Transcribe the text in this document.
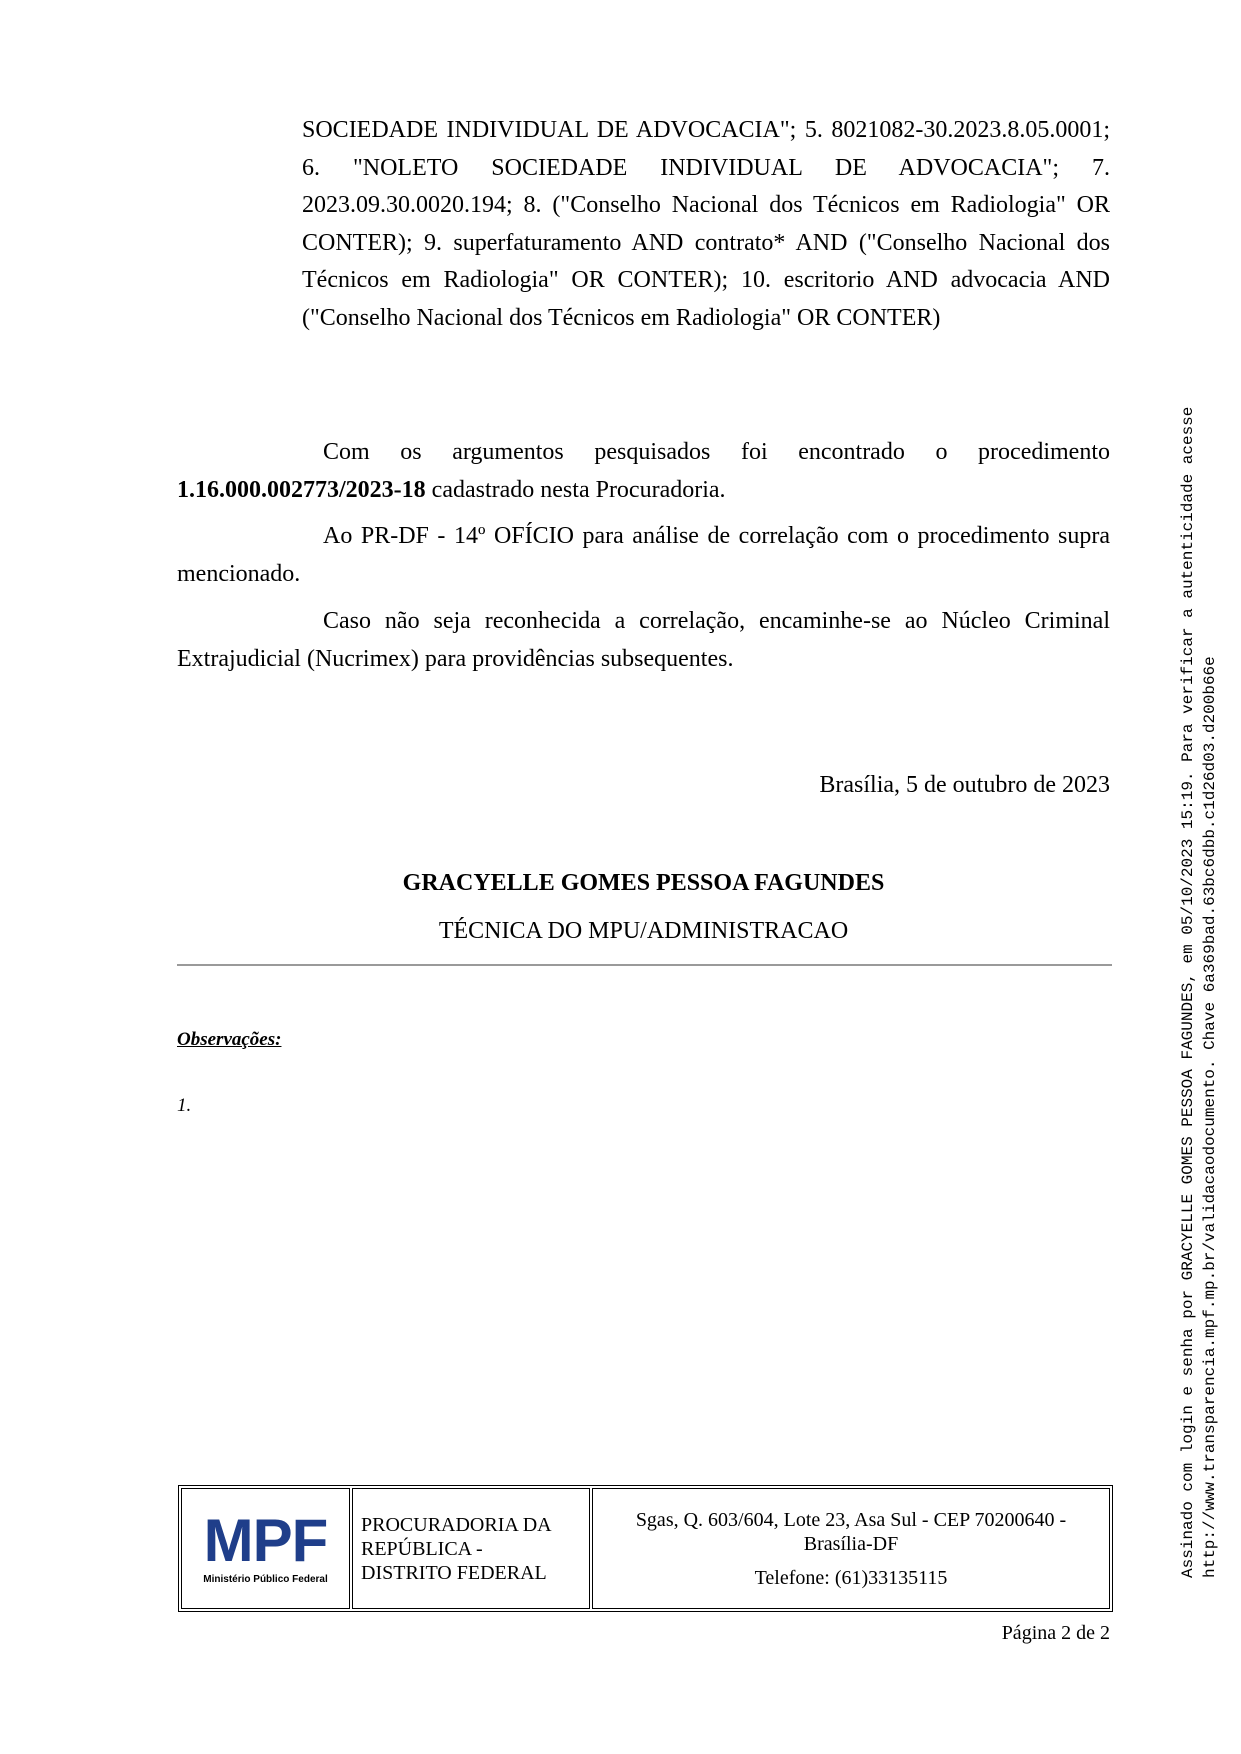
SOCIEDADE INDIVIDUAL DE ADVOCACIA"; 5. 8021082-30.2023.8.05.0001; 6. "NOLETO SOCIEDADE INDIVIDUAL DE ADVOCACIA"; 7. 2023.09.30.0020.194; 8. ("Conselho Nacional dos Técnicos em Radiologia" OR CONTER); 9. superfaturamento AND contrato* AND ("Conselho Nacional dos Técnicos em Radiologia" OR CONTER); 10. escritorio AND advocacia AND ("Conselho Nacional dos Técnicos em Radiologia" OR CONTER)

Com os argumentos pesquisados foi encontrado o procedimento 1.16.000.002773/2023-18 cadastrado nesta Procuradoria.
Ao PR-DF - 14º OFÍCIO para análise de correlação com o procedimento supra mencionado.
Caso não seja reconhecida a correlação, encaminhe-se ao Núcleo Criminal Extrajudicial (Nucrimex) para providências subsequentes.
Brasília, 5 de outubro de 2023
GRACYELLE GOMES PESSOA FAGUNDES
TÉCNICA DO MPU/ADMINISTRACAO
Observações:
1.
MPF
Ministério Público Federal

PROCURADORIA DA
REPÚBLICA -
DISTRITO FEDERAL

Sgas, Q. 603/604, Lote 23, Asa Sul - CEP 70200640 -
Brasília-DF
Telefone: (61)33135115
Página 2 de 2
Assinado com login e senha por GRACYELLE GOMES PESSOA FAGUNDES, em 05/10/2023 15:19. Para verificar a autenticidade acesse http://www.transparencia.mpf.mp.br/validacaodocumento. Chave 6a369bad.63bc6dbb.c1d26d03.d200b66e
